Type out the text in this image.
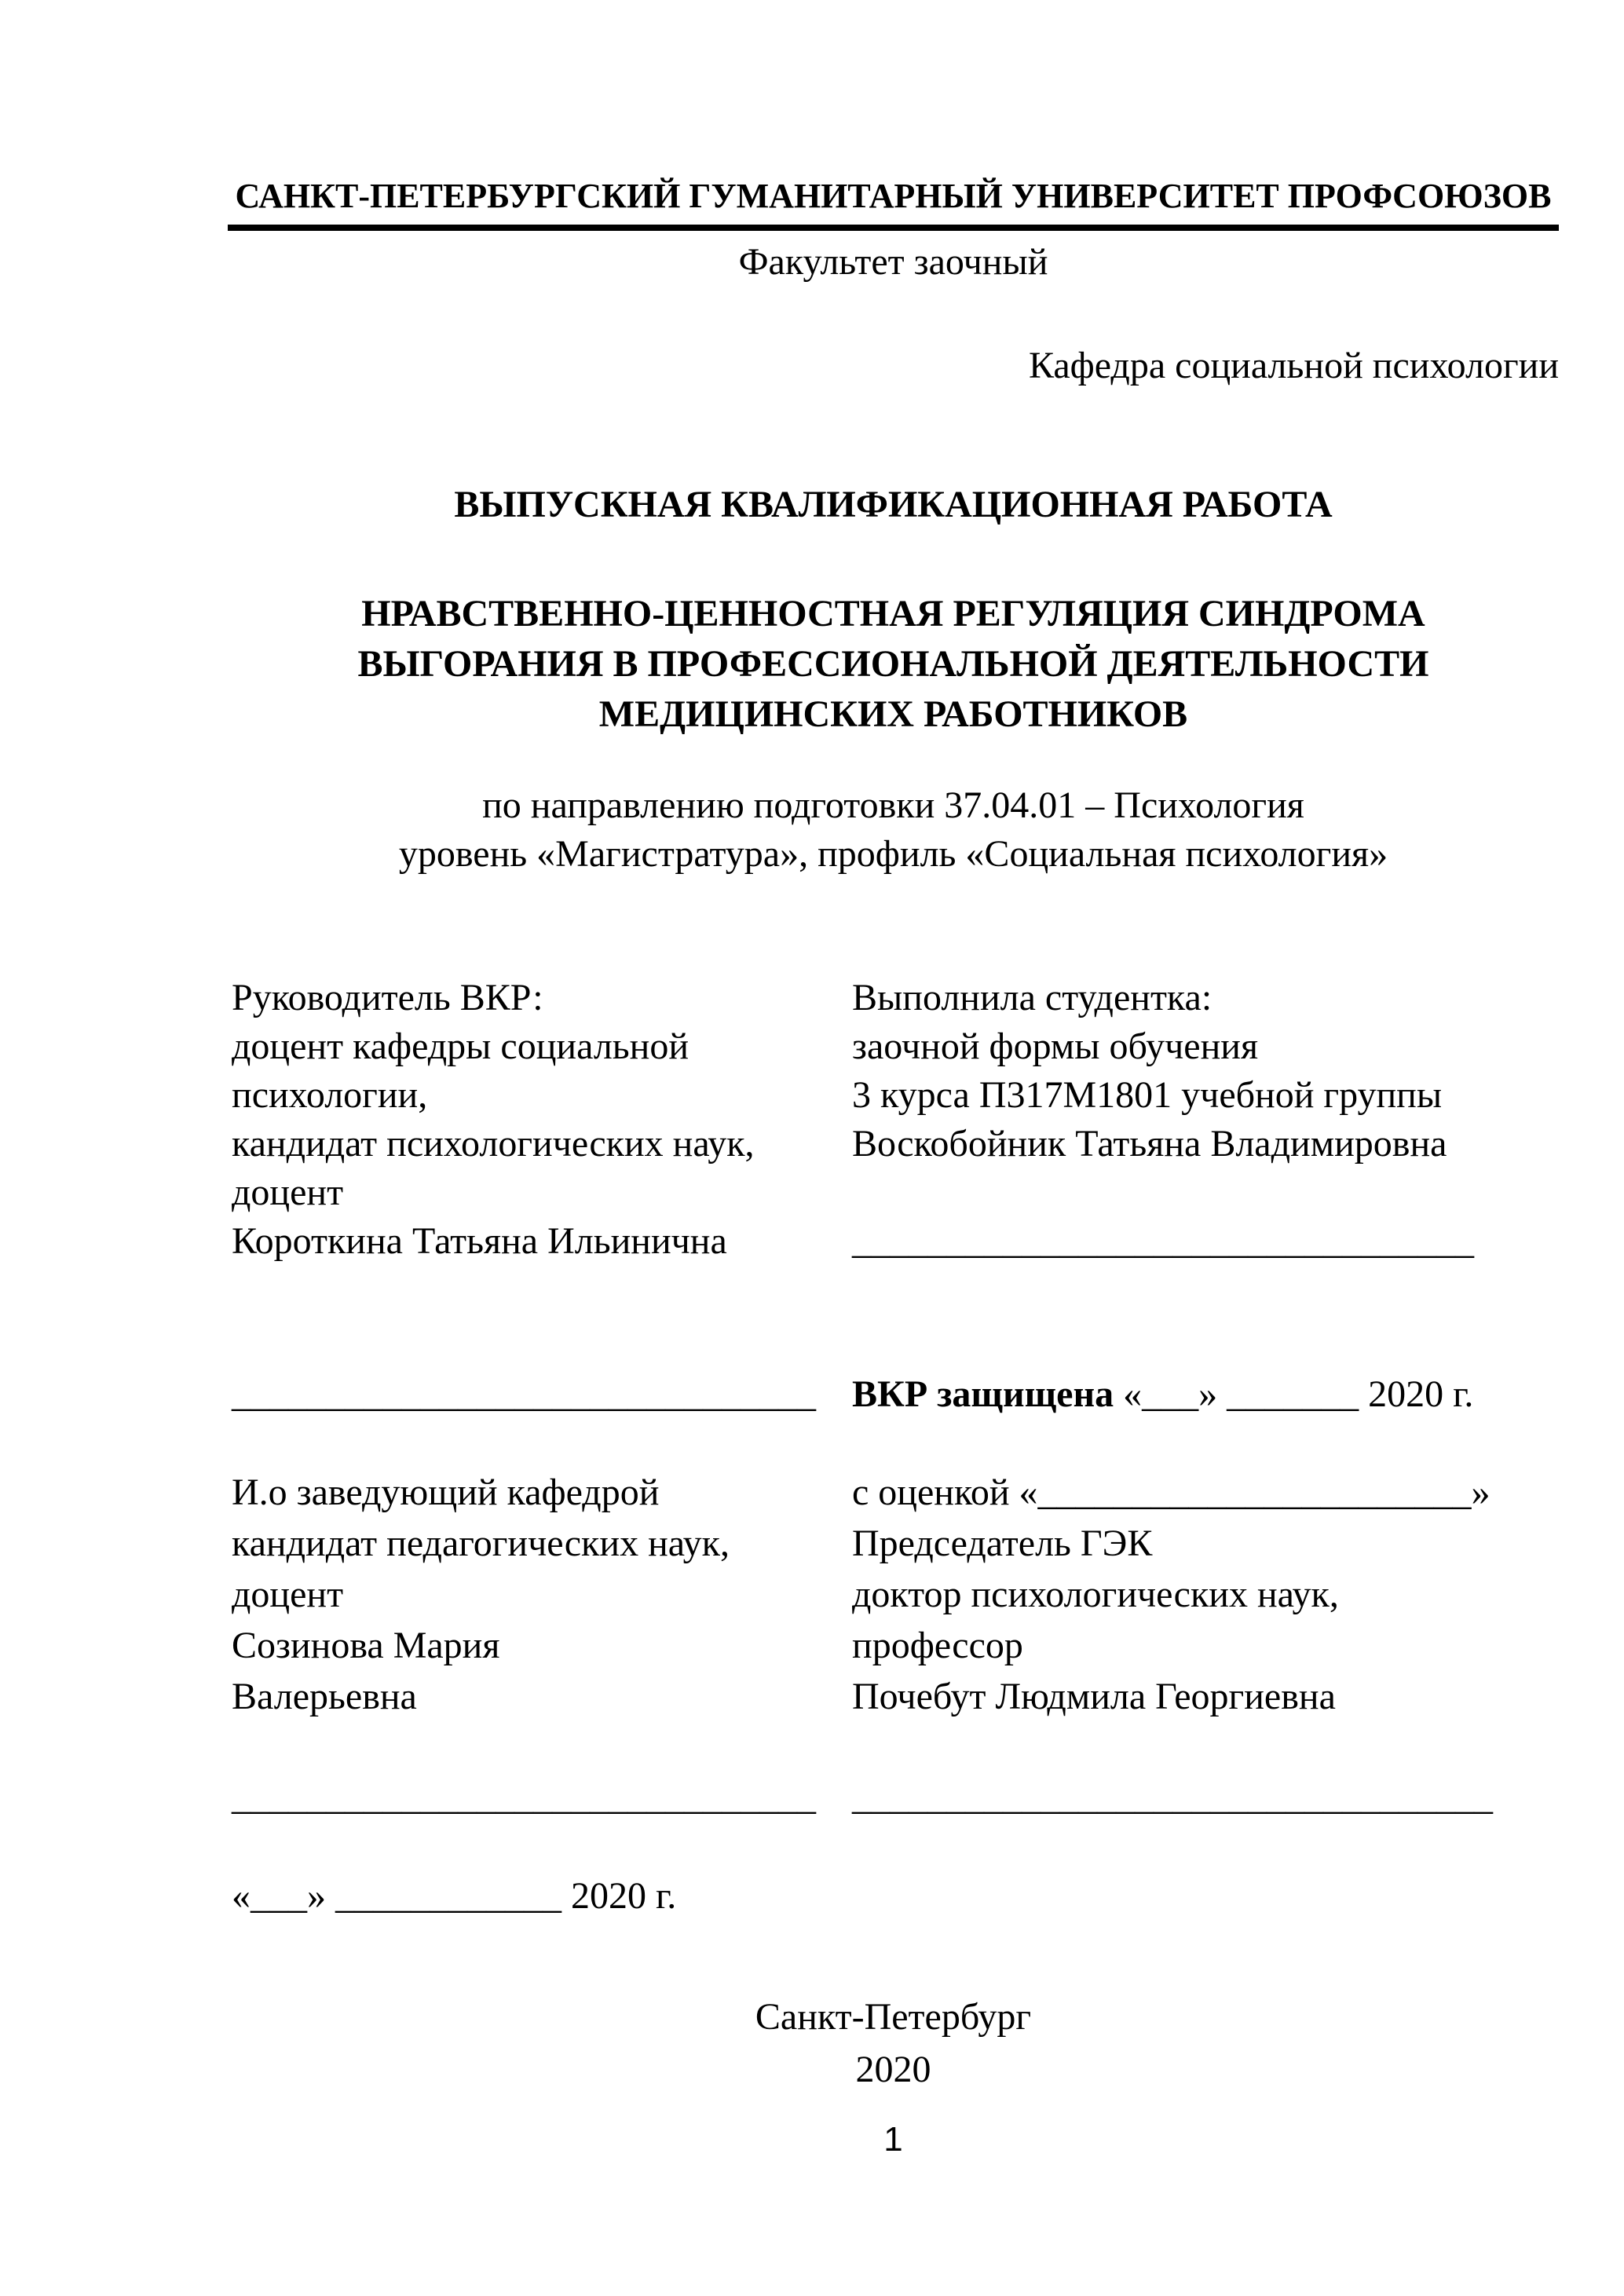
САНКТ-ПЕТЕРБУРГСКИЙ ГУМАНИТАРНЫЙ УНИВЕРСИТЕТ ПРОФСОЮЗОВ
Факультет заочный
Кафедра социальной психологии
ВЫПУСКНАЯ КВАЛИФИКАЦИОННАЯ РАБОТА
НРАВСТВЕННО-ЦЕННОСТНАЯ РЕГУЛЯЦИЯ СИНДРОМА
ВЫГОРАНИЯ В ПРОФЕССИОНАЛЬНОЙ ДЕЯТЕЛЬНОСТИ
МЕДИЦИНСКИХ РАБОТНИКОВ
по направлению подготовки 37.04.01 – Психология
уровень «Магистратура», профиль «Социальная психология»
Руководитель ВКР:
доцент кафедры социальной
психологии,
кандидат психологических наук,
доцент
Короткина Татьяна Ильинична
Выполнила студентка:
заочной формы обучения
3 курса П317М1801 учебной группы
Воскобойник Татьяна Владимировна
_________________________________
_______________________________ ВКР защищена «___» _______ 2020 г.
И.о заведующий кафедрой
кандидат педагогических наук,
доцент
Созинова Мария
Валерьевна
с оценкой «_______________________»
Председатель ГЭК
доктор психологических наук,
профессор
Почебут Людмила Георгиевна
_______________________________ __________________________________
«___» ____________ 2020 г.
Санкт-Петербург
2020
1
